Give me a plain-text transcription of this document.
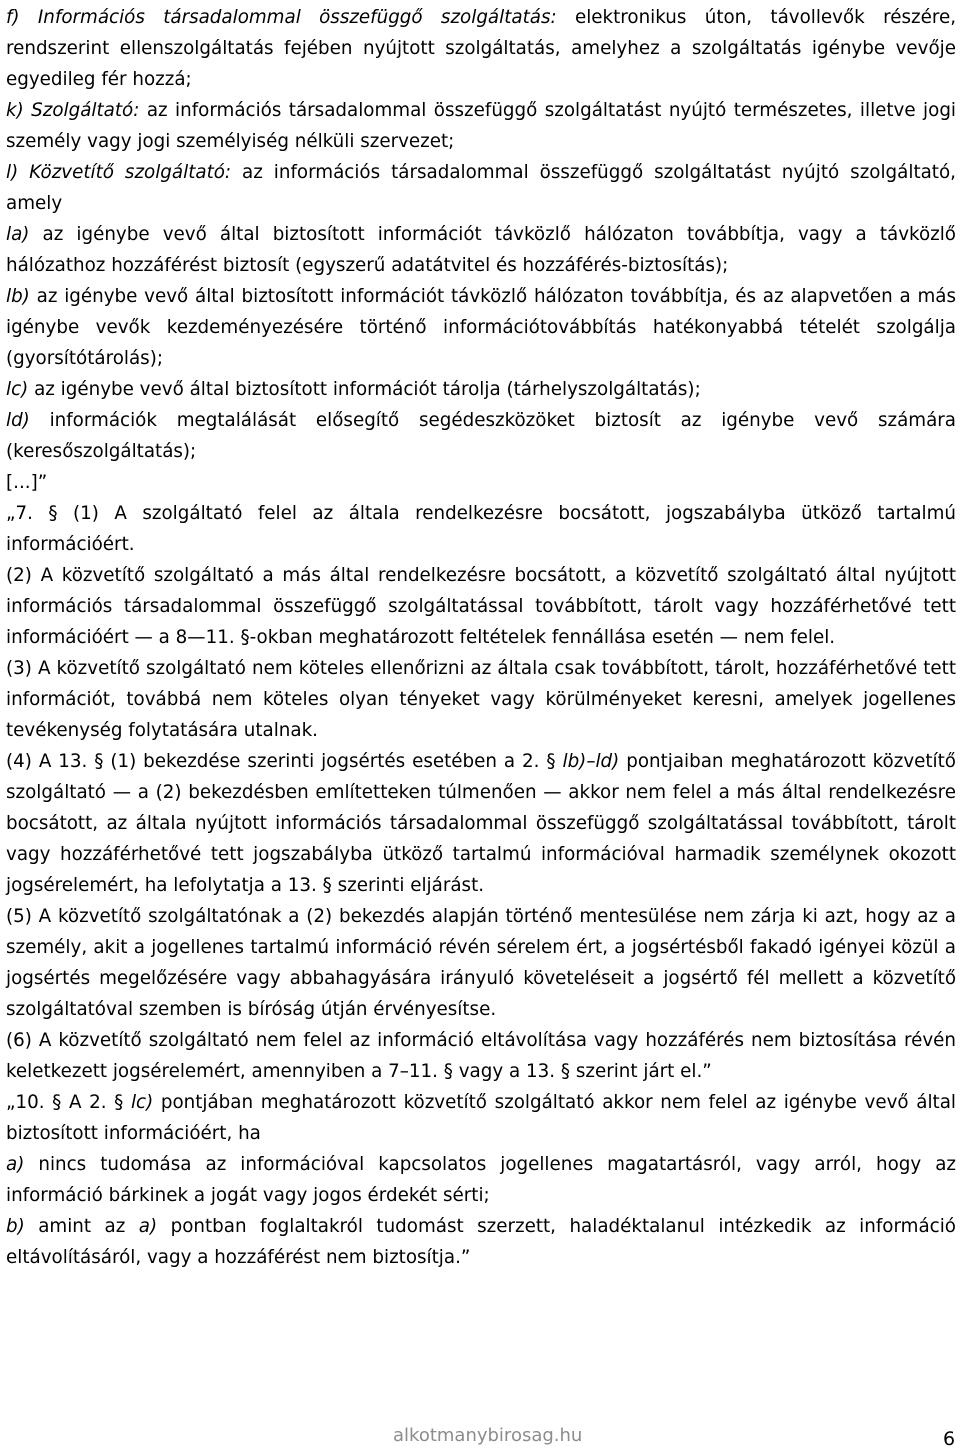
f) Információs társadalommal összefüggő szolgáltatás: elektronikus úton, távollevők részére, rendszerint ellenszolgáltatás fejében nyújtott szolgáltatás, amelyhez a szolgáltatás igénybe vevője egyedileg fér hozzá;

k) Szolgáltató: az információs társadalommal összefüggő szolgáltatást nyújtó természetes, illetve jogi személy vagy jogi személyiség nélküli szervezet;

l) Közvetítő szolgáltató: az információs társadalommal összefüggő szolgáltatást nyújtó szolgáltató, amely

la) az igénybe vevő által biztosított információt távközlő hálózaton továbbítja, vagy a távközlő hálózathoz hozzáférést biztosít (egyszerű adatátvitel és hozzáférés-biztosítás);

lb) az igénybe vevő által biztosított információt távközlő hálózaton továbbítja, és az alapvetően a más igénybe vevők kezdeményezésére történő információtovábbítás hatékonyabbá tételét szolgálja (gyorsítótárolás);

lc) az igénybe vevő által biztosított információt tárolja (tárhelyszolgáltatás);

ld) információk megtalálását elősegítő segédeszközöket biztosít az igénybe vevő számára (keresőszolgáltatás);

[...]”

„7. § (1) A szolgáltató felel az általa rendelkezésre bocsátott, jogszabályba ütköző tartalmú információért.

(2) A közvetítő szolgáltató a más által rendelkezésre bocsátott, a közvetítő szolgáltató által nyújtott információs társadalommal összefüggő szolgáltatással továbbított, tárolt vagy hozzáférhetővé tett információért — a 8—11. §-okban meghatározott feltételek fennállása esetén — nem felel.

(3) A közvetítő szolgáltató nem köteles ellenőrizni az általa csak továbbított, tárolt, hozzáférhetővé tett információt, továbbá nem köteles olyan tényeket vagy körülményeket keresni, amelyek jogellenes tevékenység folytatására utalnak.

(4) A 13. § (1) bekezdése szerinti jogsértés esetében a 2. § lb)–ld) pontjaiban meghatározott közvetítő szolgáltató — a (2) bekezdésben említetteken túlmenően — akkor nem felel a más által rendelkezésre bocsátott, az általa nyújtott információs társadalommal összefüggő szolgáltatással továbbított, tárolt vagy hozzáférhetővé tett jogszabályba ütköző tartalmú információval harmadik személynek okozott jogsérelemért, ha lefolytatja a 13. § szerinti eljárást.

(5) A közvetítő szolgáltatónak a (2) bekezdés alapján történő mentesülése nem zárja ki azt, hogy az a személy, akit a jogellenes tartalmú információ révén sérelem ért, a jogsértésből fakadó igényei közül a jogsértés megelőzésére vagy abbahagyására irányuló követeléseit a jogsértő fél mellett a közvetítő szolgáltatóval szemben is bíróság útján érvényesítse.

(6) A közvetítő szolgáltató nem felel az információ eltávolítása vagy hozzáférés nem biztosítása révén keletkezett jogsérelemért, amennyiben a 7–11. § vagy a 13. § szerint járt el.”

„10. § A 2. § lc) pontjában meghatározott közvetítő szolgáltató akkor nem felel az igénybe vevő által biztosított információért, ha

a) nincs tudomása az információval kapcsolatos jogellenes magatartásról, vagy arról, hogy az információ bárkinek a jogát vagy jogos érdekét sérti;

b) amint az a) pontban foglaltakról tudomást szerzett, haladéktalanul intézkedik az információ eltávolításáról, vagy a hozzáférést nem biztosítja.”

alkotmanybirosag.hu	6
